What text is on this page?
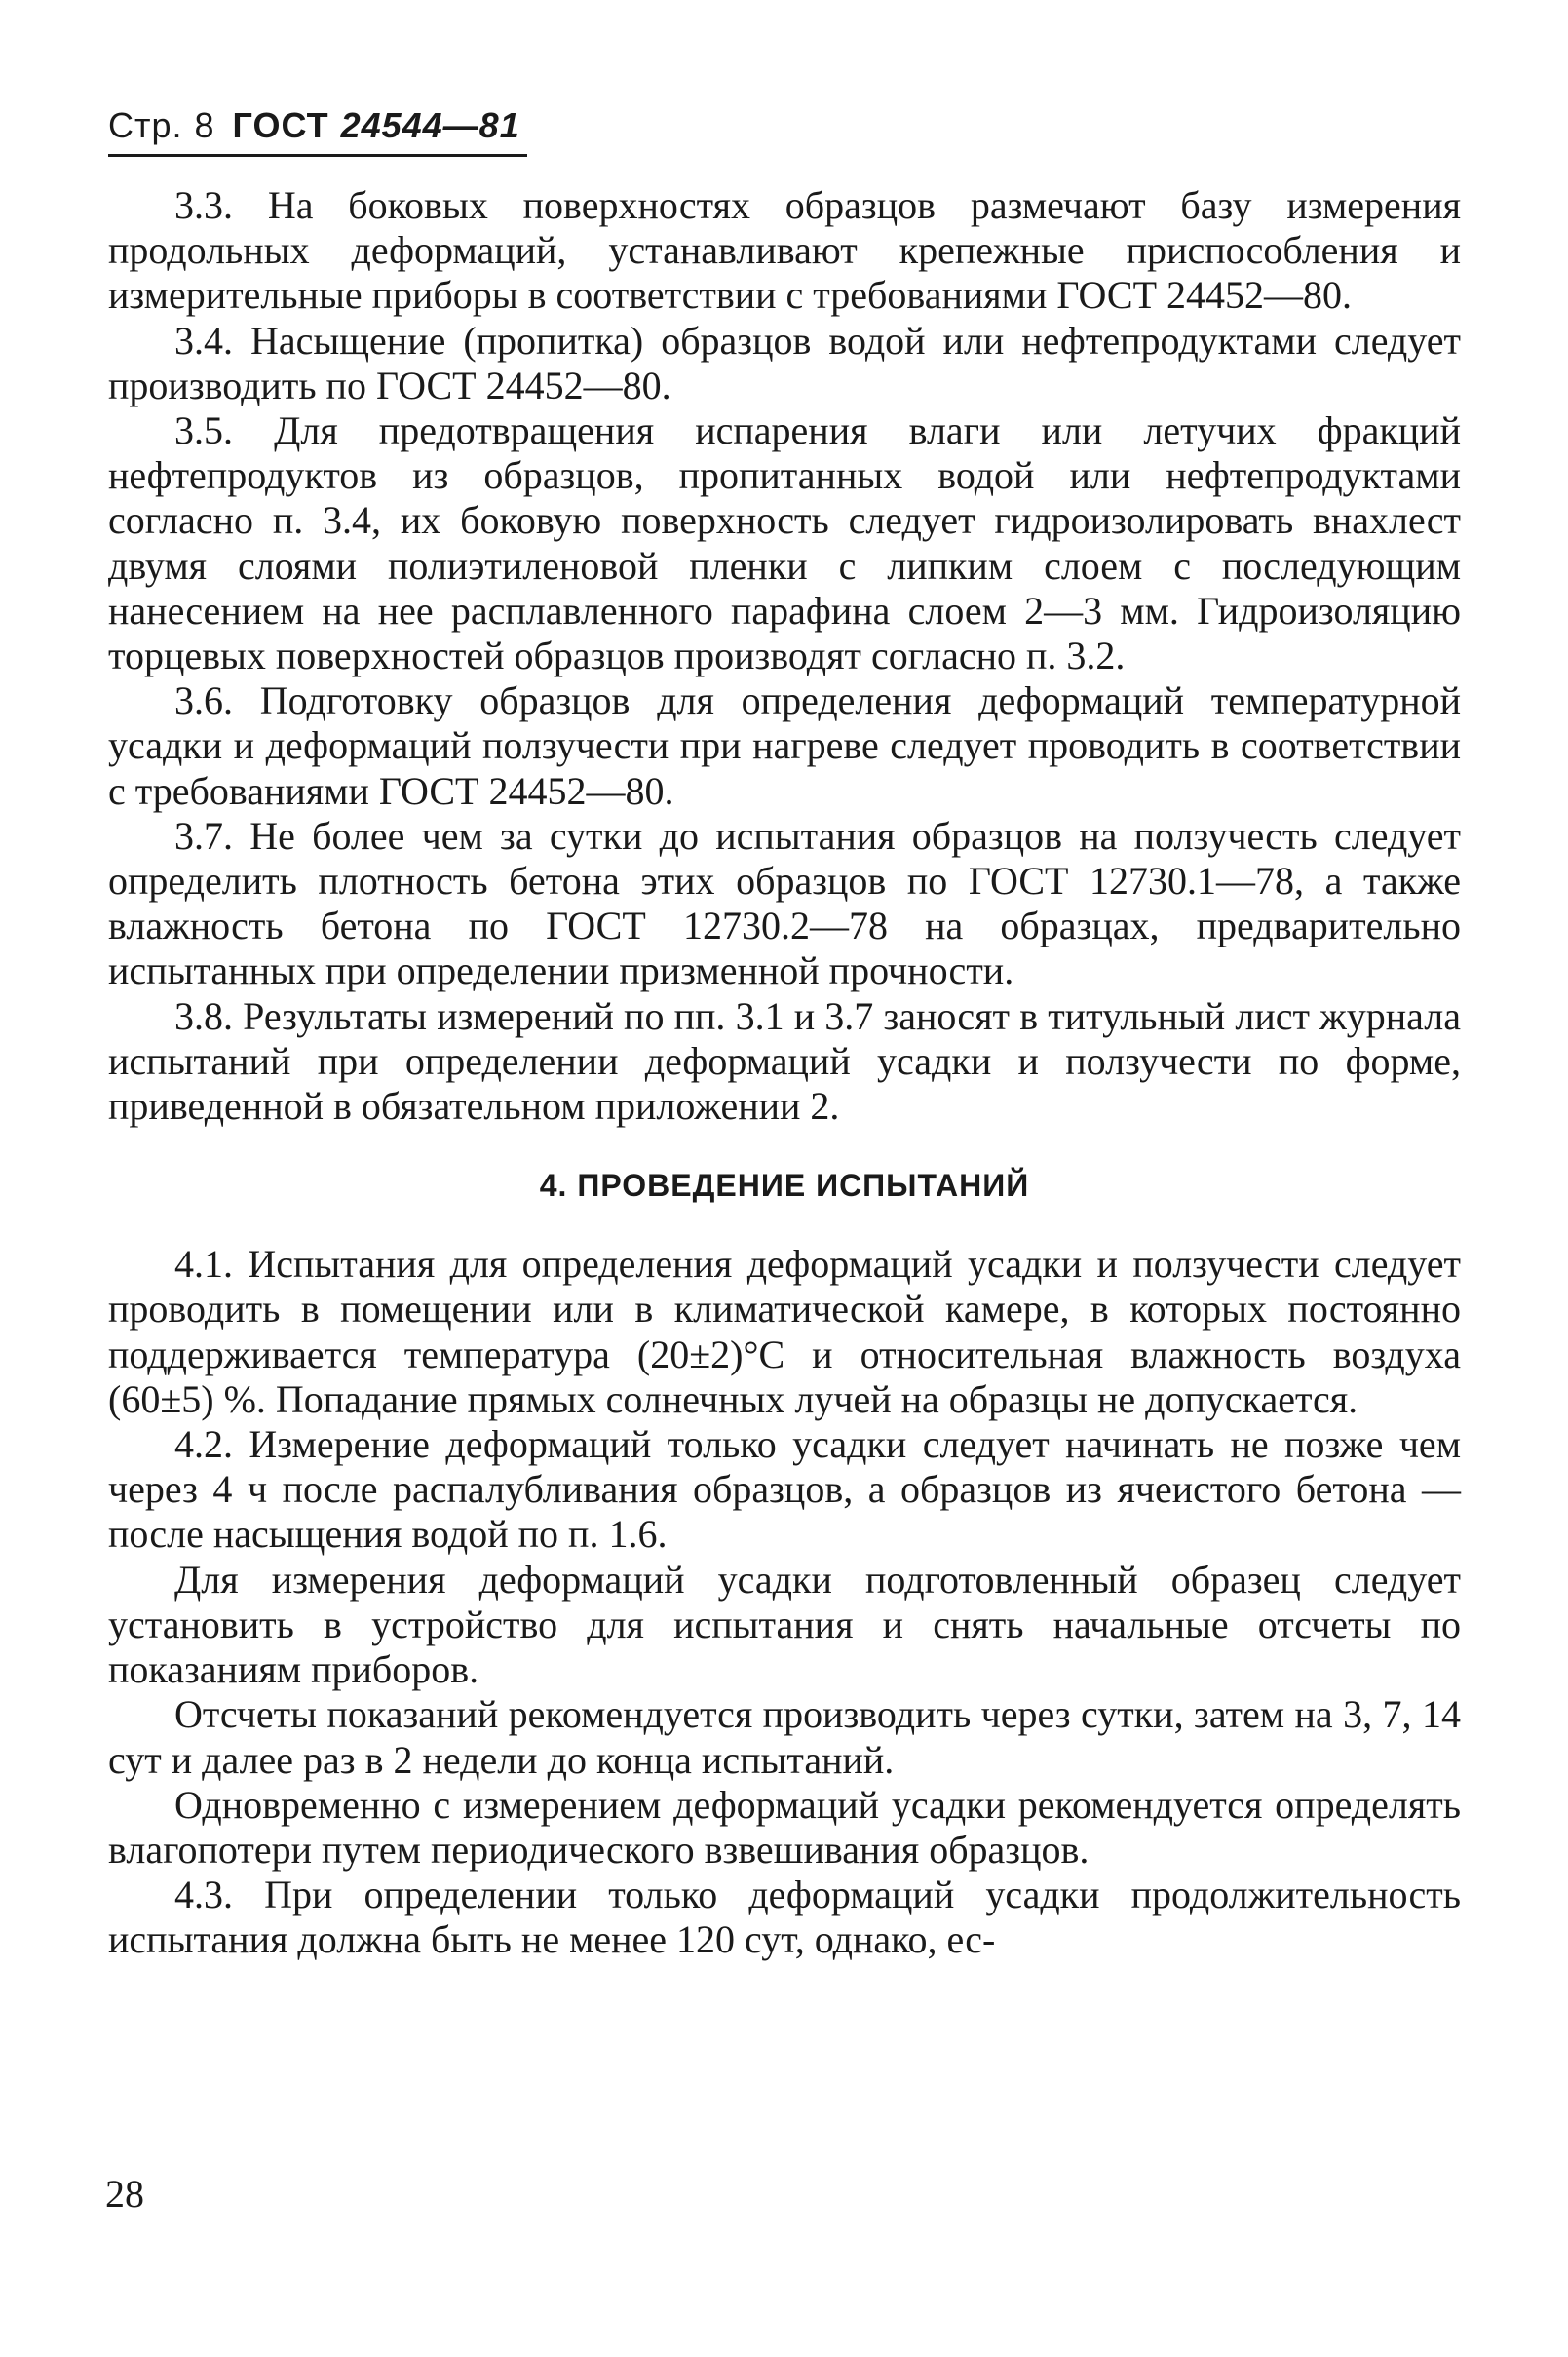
Стр. 8 ГОСТ 24544—81

3.3. На боковых поверхностях образцов размечают базу измерения продольных деформаций, устанавливают крепежные приспособления и измерительные приборы в соответствии с требованиями ГОСТ 24452—80.

3.4. Насыщение (пропитка) образцов водой или нефтепродуктами следует производить по ГОСТ 24452—80.

3.5. Для предотвращения испарения влаги или летучих фракций нефтепродуктов из образцов, пропитанных водой или нефтепродуктами согласно п. 3.4, их боковую поверхность следует гидроизолировать внахлест двумя слоями полиэтиленовой пленки с липким слоем с последующим нанесением на нее расплавленного парафина слоем 2—3 мм. Гидроизоляцию торцевых поверхностей образцов производят согласно п. 3.2.

3.6. Подготовку образцов для определения деформаций температурной усадки и деформаций ползучести при нагреве следует проводить в соответствии с требованиями ГОСТ 24452—80.

3.7. Не более чем за сутки до испытания образцов на ползучесть следует определить плотность бетона этих образцов по ГОСТ 12730.1—78, а также влажность бетона по ГОСТ 12730.2—78 на образцах, предварительно испытанных при определении призменной прочности.

3.8. Результаты измерений по пп. 3.1 и 3.7 заносят в титульный лист журнала испытаний при определении деформаций усадки и ползучести по форме, приведенной в обязательном приложении 2.

4. ПРОВЕДЕНИЕ ИСПЫТАНИЙ

4.1. Испытания для определения деформаций усадки и ползучести следует проводить в помещении или в климатической камере, в которых постоянно поддерживается температура (20±2)°С и относительная влажность воздуха (60±5) %. Попадание прямых солнечных лучей на образцы не допускается.

4.2. Измерение деформаций только усадки следует начинать не позже чем через 4 ч после распалубливания образцов, а образцов из ячеистого бетона — после насыщения водой по п. 1.6.

Для измерения деформаций усадки подготовленный образец следует установить в устройство для испытания и снять начальные отсчеты по показаниям приборов.

Отсчеты показаний рекомендуется производить через сутки, затем на 3, 7, 14 сут и далее раз в 2 недели до конца испытаний.

Одновременно с измерением деформаций усадки рекомендуется определять влагопотери путем периодического взвешивания образцов.

4.3. При определении только деформаций усадки продолжительность испытания должна быть не менее 120 сут, однако, ес-

28
